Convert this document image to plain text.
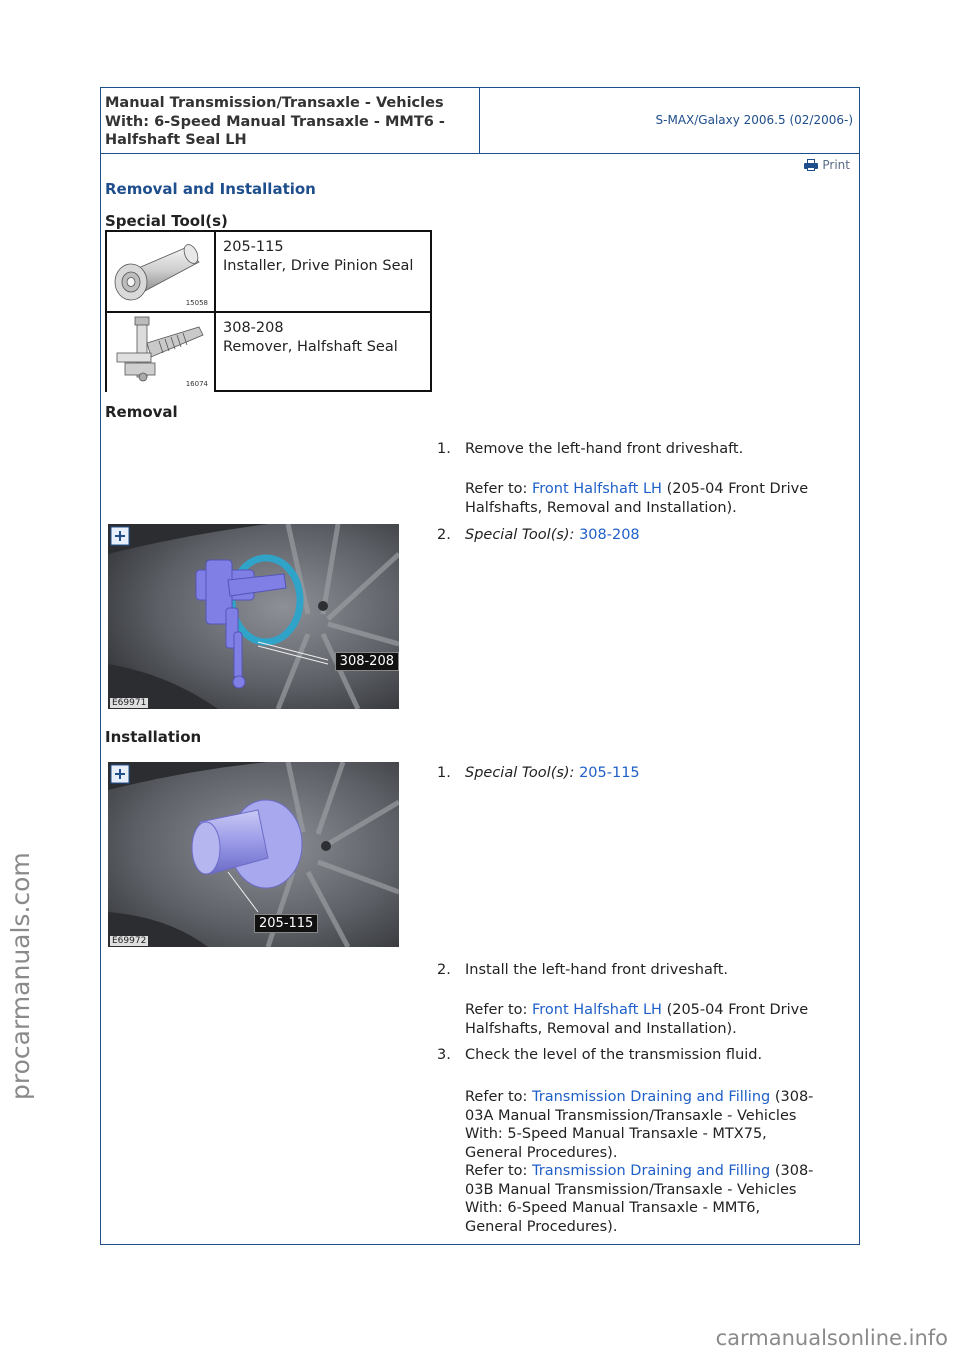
Manual Transmission/Transaxle - Vehicles
With: 6-Speed Manual Transaxle - MMT6 -
Halfshaft Seal LH
S-MAX/Galaxy 2006.5 (02/2006-)
Print
Removal and Installation
Special Tool(s)
15058
205-115
Installer, Drive Pinion Seal
16074
308-208
Remover, Halfshaft Seal
Removal
1. Remove the left-hand front driveshaft.
Refer to: Front Halfshaft LH (205-04 Front Drive
Halfshafts, Removal and Installation).
308-208
E69971
2. Special Tool(s): 308-208
Installation
205-115
E69972
1. Special Tool(s): 205-115
2. Install the left-hand front driveshaft.
Refer to: Front Halfshaft LH (205-04 Front Drive
Halfshafts, Removal and Installation).
3. Check the level of the transmission fluid.
Refer to: Transmission Draining and Filling (308-
03A Manual Transmission/Transaxle - Vehicles
With: 5-Speed Manual Transaxle - MTX75,
General Procedures).
Refer to: Transmission Draining and Filling (308-
03B Manual Transmission/Transaxle - Vehicles
With: 6-Speed Manual Transaxle - MMT6,
General Procedures).
procarmanuals.com
carmanualsonline.info
